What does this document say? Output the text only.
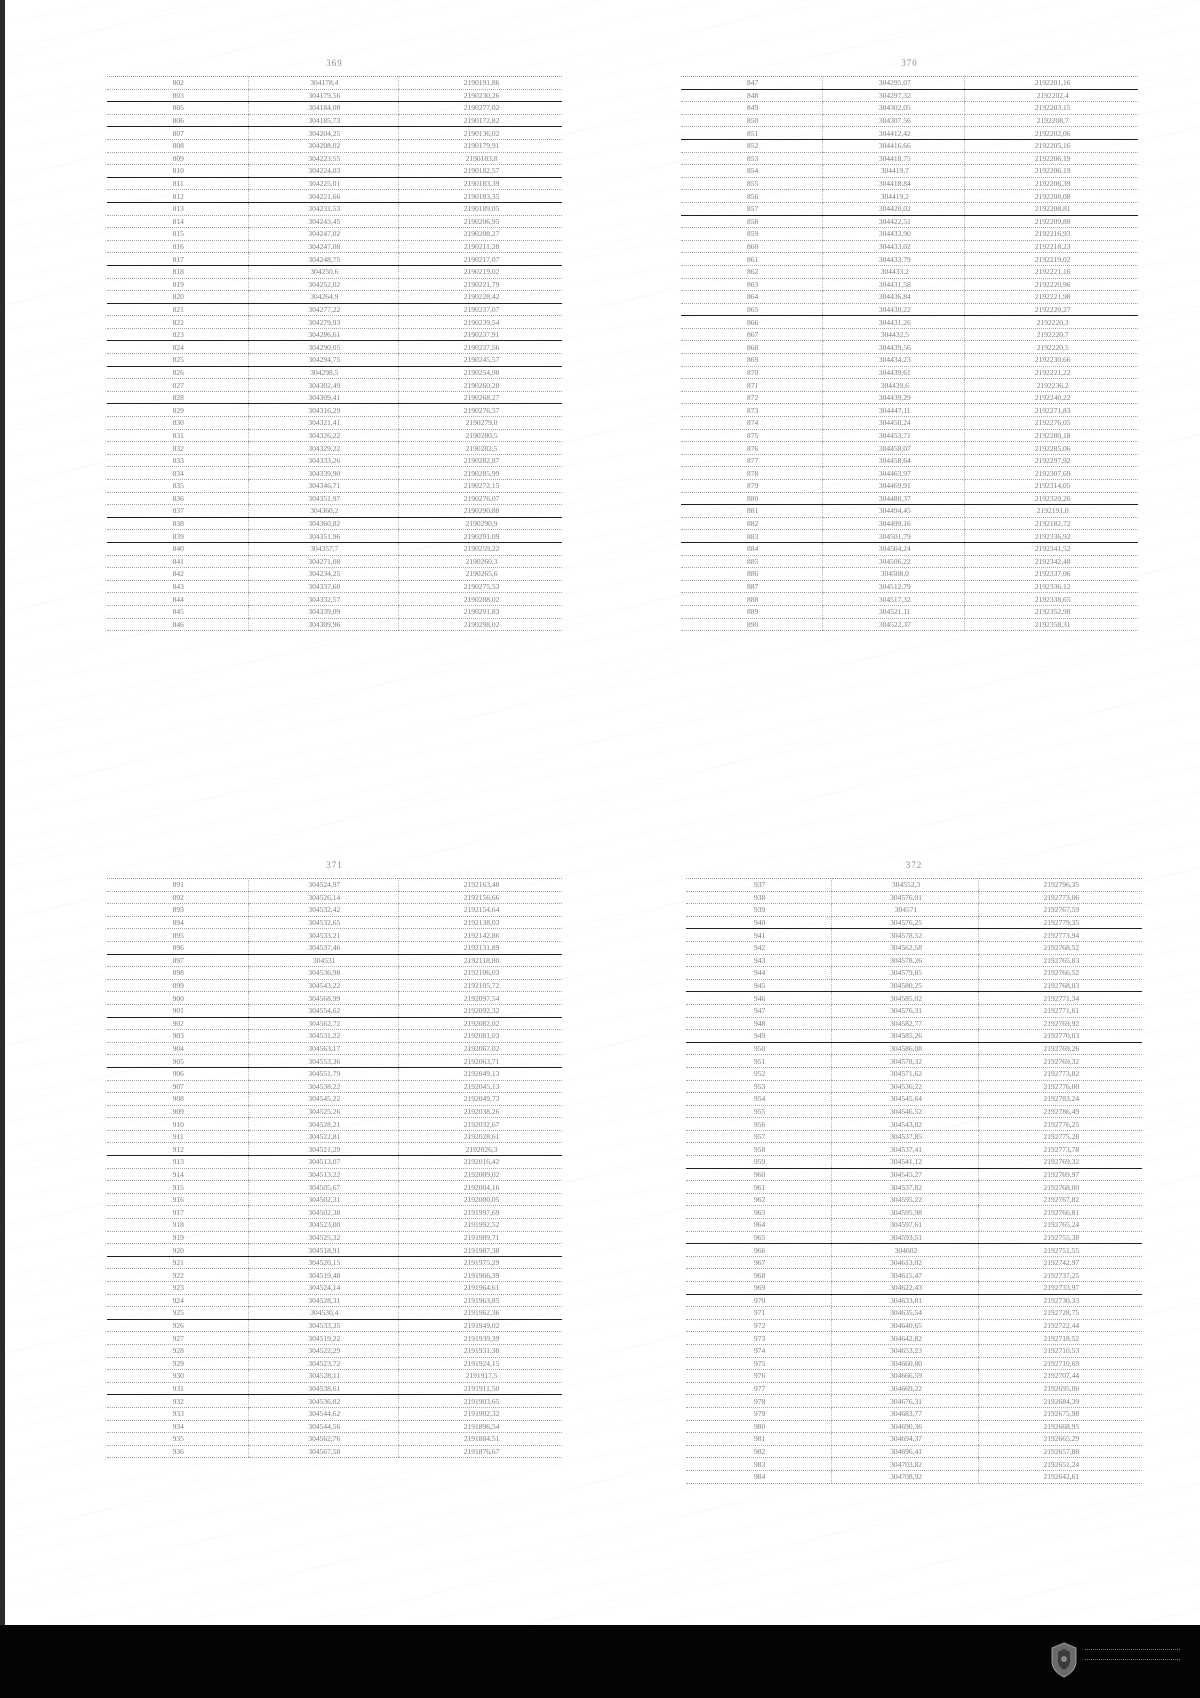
369
802	304178,4	2190191,86
803	304179,56	2190230,26
805	304184,08	2190277,02
806	304185,73	2190172,82
807	304204,25	2190136,02
808	304208,02	2190179,91
809	304223,55	2190183,8
810	304224,03	2190182,57
811	304225,01	2190183,39
812	304221,66	2190183,35
813	304231,53	2190189,05
814	304243,45	2190206,95
815	304247,02	2190208,27
816	304247,08	2190211,28
817	304248,75	2190217,07
818	304250,6	2190219,02
819	304252,02	2190221,79
820	304264,9	2190228,42
821	304277,22	2190237,07
822	304279,93	2190239,54
823	304286,61	2190237,91
824	304290,05	2190237,56
825	304294,75	2190245,57
826	304298,5	2190254,98
827	304302,49	2190260,28
828	304309,41	2190268,27
829	304316,29	2190276,57
830	304321,41	2190279,0
831	304326,22	2190280,5
832	304329,22	2190282,5
833	304333,26	2190282,87
834	304339,90	2190285,99
835	304346,71	2190272,15
836	304351,97	2190276,07
837	304360,2	2190290,88
838	304360,82	2190290,9
839	304351,96	2190291,09
840	304357,7	2190259,22
841	304271,08	2190260,3
842	304234,25	2190265,6
843	304337,60	2190275,53
844	304332,57	2190288,02
845	304339,09	2190291,83
846	304309,96	2190298,02
370
847	304295,07	2192201,16
848	304297,32	2192202,4
849	304302,05	2192203,15
850	304307,56	2192208,7
851	304412,42	2192202,06
852	304416,66	2192205,16
853	304418,75	2192206,19
854	304419,7	2192206,19
855	304418,84	2192206,39
856	304419,2	2192208,08
857	304420,02	2192208,81
858	304422,51	2192209,88
859	304433,90	2192216,93
860	304433,02	2192218,23
861	304433,79	2192219,02
862	304433,2	2192221,16
863	304431,58	2192220,96
864	304436,84	2192221,98
865	304430,22	2192220,27
866	304431,26	2192220,3
867	304432,5	2192220,7
868	304439,56	2192220,5
869	304434,23	2192230,66
870	304439,61	2192221,22
871	304439,6	2192236,2
872	304439,29	2192240,22
873	304447,11	2192271,83
874	304450,24	2192276,05
875	304453,71	2192280,18
876	304458,07	2192285,06
877	304458,64	2192297,92
878	304463,97	2192307,69
879	304469,91	2192314,05
880	304480,37	2192320,26
881	304494,45	2192191,0
882	304499,16	2192182,72
883	304501,79	2192336,92
884	304504,24	2192341,52
885	304506,22	2192342,48
886	304508,0	2192337,06
887	304512,79	2192336,12
888	304517,32	2192338,65
889	304521,11	2192352,98
890	304522,37	2192358,31
371
891	304524,97	2192163,48
892	304526,14	2192156,66
893	304532,42	2192154,64
894	304532,65	2192138,03
895	304533,21	2192142,86
896	304537,46	2192131,89
897	304531	2192118,80
898	304536,98	2192106,03
899	304543,22	2192105,72
900	304568,99	2192097,54
901	304554,62	2192092,32
902	304562,72	2192082,02
903	304531,22	2192081,03
904	304563,17	2192067,02
905	304553,36	2192063,71
906	304551,79	2192049,13
907	304538,22	2192045,13
908	304545,22	2192049,73
909	304525,26	2192038,26
910	304528,21	2192032,67
911	304522,81	2192028,61
912	304521,29	2192026,3
913	304513,07	2192016,42
914	304513,22	2192009,02
915	304505,67	2192004,16
916	304502,31	2192000,05
917	304502,38	2191997,69
918	304523,00	2191992,52
919	304525,32	2191989,71
920	304518,91	2191987,38
921	304520,15	2191975,29
922	304519,48	2191966,39
923	304524,14	2191964,61
924	304528,31	2191963,85
925	304530,4	2191962,36
926	304533,35	2191949,02
927	304519,22	2191939,39
928	304522,29	2191931,38
929	304523,72	2191924,15
930	304528,11	2191917,5
931	304538,61	2191911,50
932	304536,82	2191903,65
933	304544,62	2191902,32
934	304544,56	2191896,54
935	304562,76	2191884,51
936	304567,58	2191876,67
372
937	304552,3	2192796,35
938	304576,01	2192773,06
939	304571	2192767,59
940	304576,25	2192779,35
941	304578,52	2192773,94
942	304562,58	2192768,52
943	304578,26	2192765,83
944	304579,85	2192766,52
945	304580,25	2192768,03
946	304585,02	2192771,34
947	304576,31	2192771,61
948	304582,77	2192769,92
949	304585,26	2192770,03
950	304586,08	2192769,26
951	304578,32	2192769,32
952	304571,62	2192773,82
953	304536,22	2192776,00
954	304545,64	2192783,24
955	304546,52	2192786,49
956	304543,82	2192776,25
957	304537,85	2192775,28
958	304537,41	2192773,78
959	304541,12	2192769,32
960	304545,27	2192769,97
961	304537,82	2192768,00
962	304595,22	2192767,82
963	304595,98	2192766,81
964	304597,61	2192765,24
965	304593,51	2192755,38
966	304602	2192751,55
967	304613,02	2192742,97
968	304615,47	2192737,25
969	304622,43	2192733,97
970	304633,81	2192730,33
971	304635,54	2192728,75
972	304640,65	2192722,44
973	304642,82	2192718,52
974	304653,23	2192710,53
975	304660,80	2192710,69
976	304666,59	2192707,44
977	304669,22	2192695,06
978	304676,31	2192684,39
979	304683,77	2192675,98
980	304690,36	2192668,95
981	304694,37	2192665,29
982	304696,41	2192657,88
983	304703,82	2192651,24
984	304708,92	2192642,61
